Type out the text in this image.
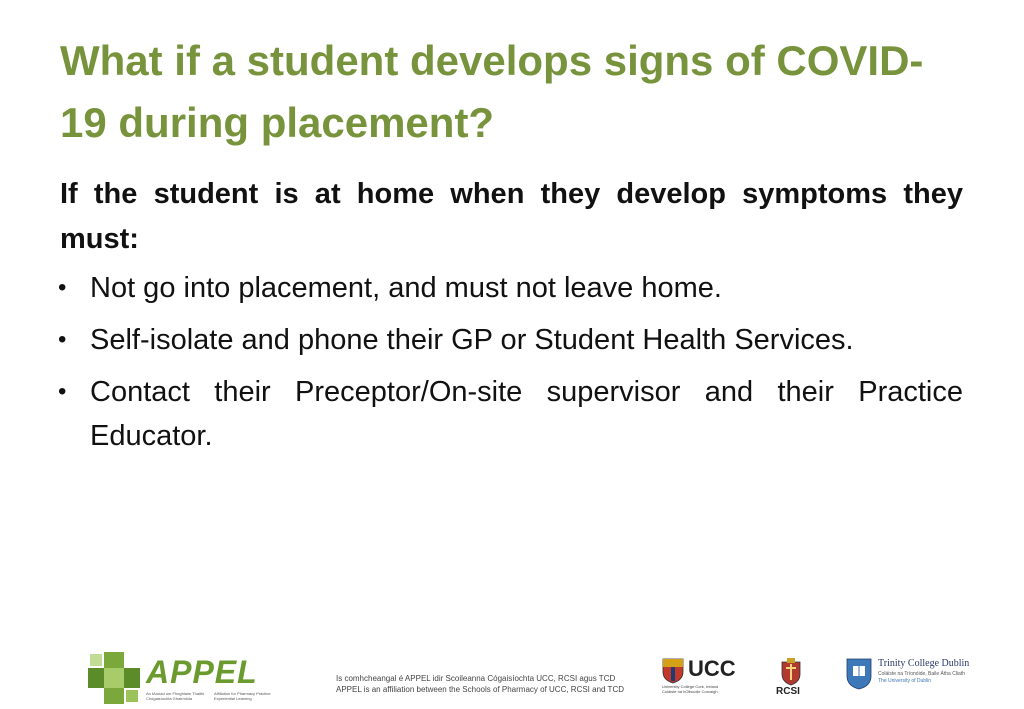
What if a student develops signs of COVID-19 during placement?

If the student is at home when they develop symptoms they must:

• Not go into placement, and must not leave home.
• Self-isolate and phone their GP or Student Health Services.
• Contact their Preceptor/On-site supervisor and their Practice Educator.
APPEL
An tAonad um Fhoghlaim Thaithí Chógaisíochta Ghairmiúla
Affiliation for Pharmacy Practice Experiential Learning
Is comhcheangal é APPEL idir Scoileanna Cógaisíochta UCC, RCSI agus TCD
APPEL is an affiliation between the Schools of Pharmacy of UCC, RCSI and TCD
UCC
University College Cork, Ireland
Coláiste na hOllscoile Corcaigh	RCSI
Trinity College Dublin
Coláiste na Tríonóide, Baile Átha Cliath
The University of Dublin
